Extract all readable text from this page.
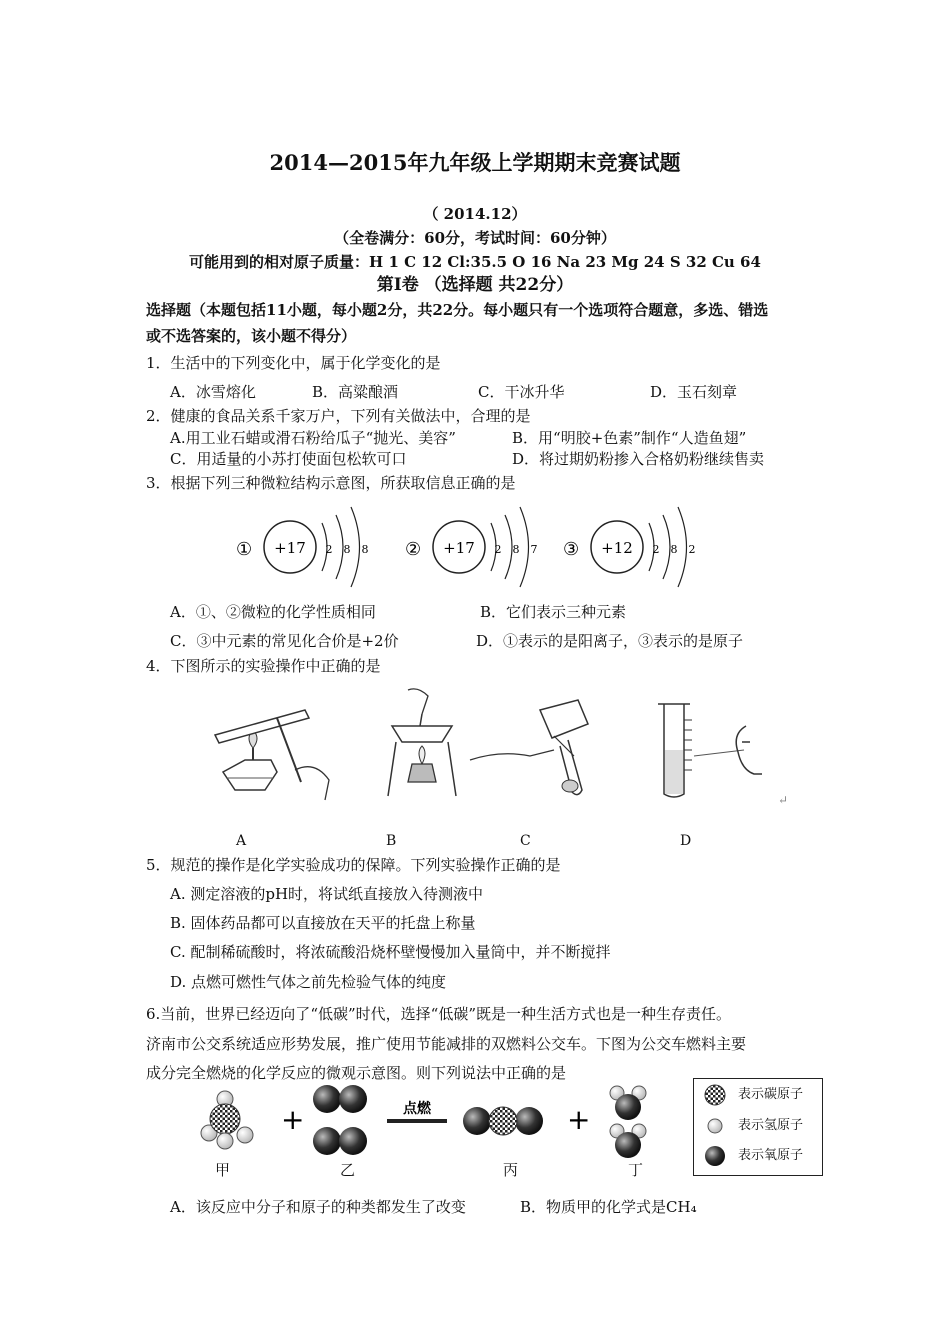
2014—2015年九年级上学期期末竞赛试题
（ 2014.12）
（全卷满分：60分，考试时间：60分钟）
可能用到的相对原子质量：H 1 C 12 Cl:35.5 O 16 Na 23 Mg 24 S 32 Cu 64
第Ⅰ卷 （选择题 共22分）
选择题（本题包括11小题，每小题2分，共22分。每小题只有一个选项符合题意，多选、错选
或不选答案的，该小题不得分）
1．生活中的下列变化中，属于化学变化的是
A．冰雪熔化	B．高粱酿酒	C．干冰升华	D．玉石刻章
2．健康的食品关系千家万户，下列有关做法中，合理的是
A.用工业石蜡或滑石粉给瓜子“抛光、美容”	B．用“明胶+色素”制作“人造鱼翅”
C．用适量的小苏打使面包松软可口	D．将过期奶粉掺入合格奶粉继续售卖
3．根据下列三种微粒结构示意图，所获取信息正确的是
① +17 2 8 8 ② +17 2 8 7 ③ +12 2 8 2
A．①、②微粒的化学性质相同	B．它们表示三种元素
C．③中元素的常见化合价是+2价	D．①表示的是阳离子，③表示的是原子
4．下图所示的实验操作中正确的是
↵
A	B	C	D
5．规范的操作是化学实验成功的保障。下列实验操作正确的是
A. 测定溶液的pH时，将试纸直接放入待测液中
B. 固体药品都可以直接放在天平的托盘上称量
C. 配制稀硫酸时，将浓硫酸沿烧杯壁慢慢加入量筒中，并不断搅拌
D. 点燃可燃性气体之前先检验气体的纯度
6.当前，世界已经迈向了“低碳”时代，选择“低碳”既是一种生活方式也是一种生存责任。
济南市公交系统适应形势发展，推广使用节能减排的双燃料公交车。下图为公交车燃料主要
成分完全燃烧的化学反应的微观示意图。则下列说法中正确的是
+	点燃	+
表示碳原子
表示氢原子
表示氧原子
甲	乙	丙	丁
A．该反应中分子和原子的种类都发生了改变	B．物质甲的化学式是CH₄
